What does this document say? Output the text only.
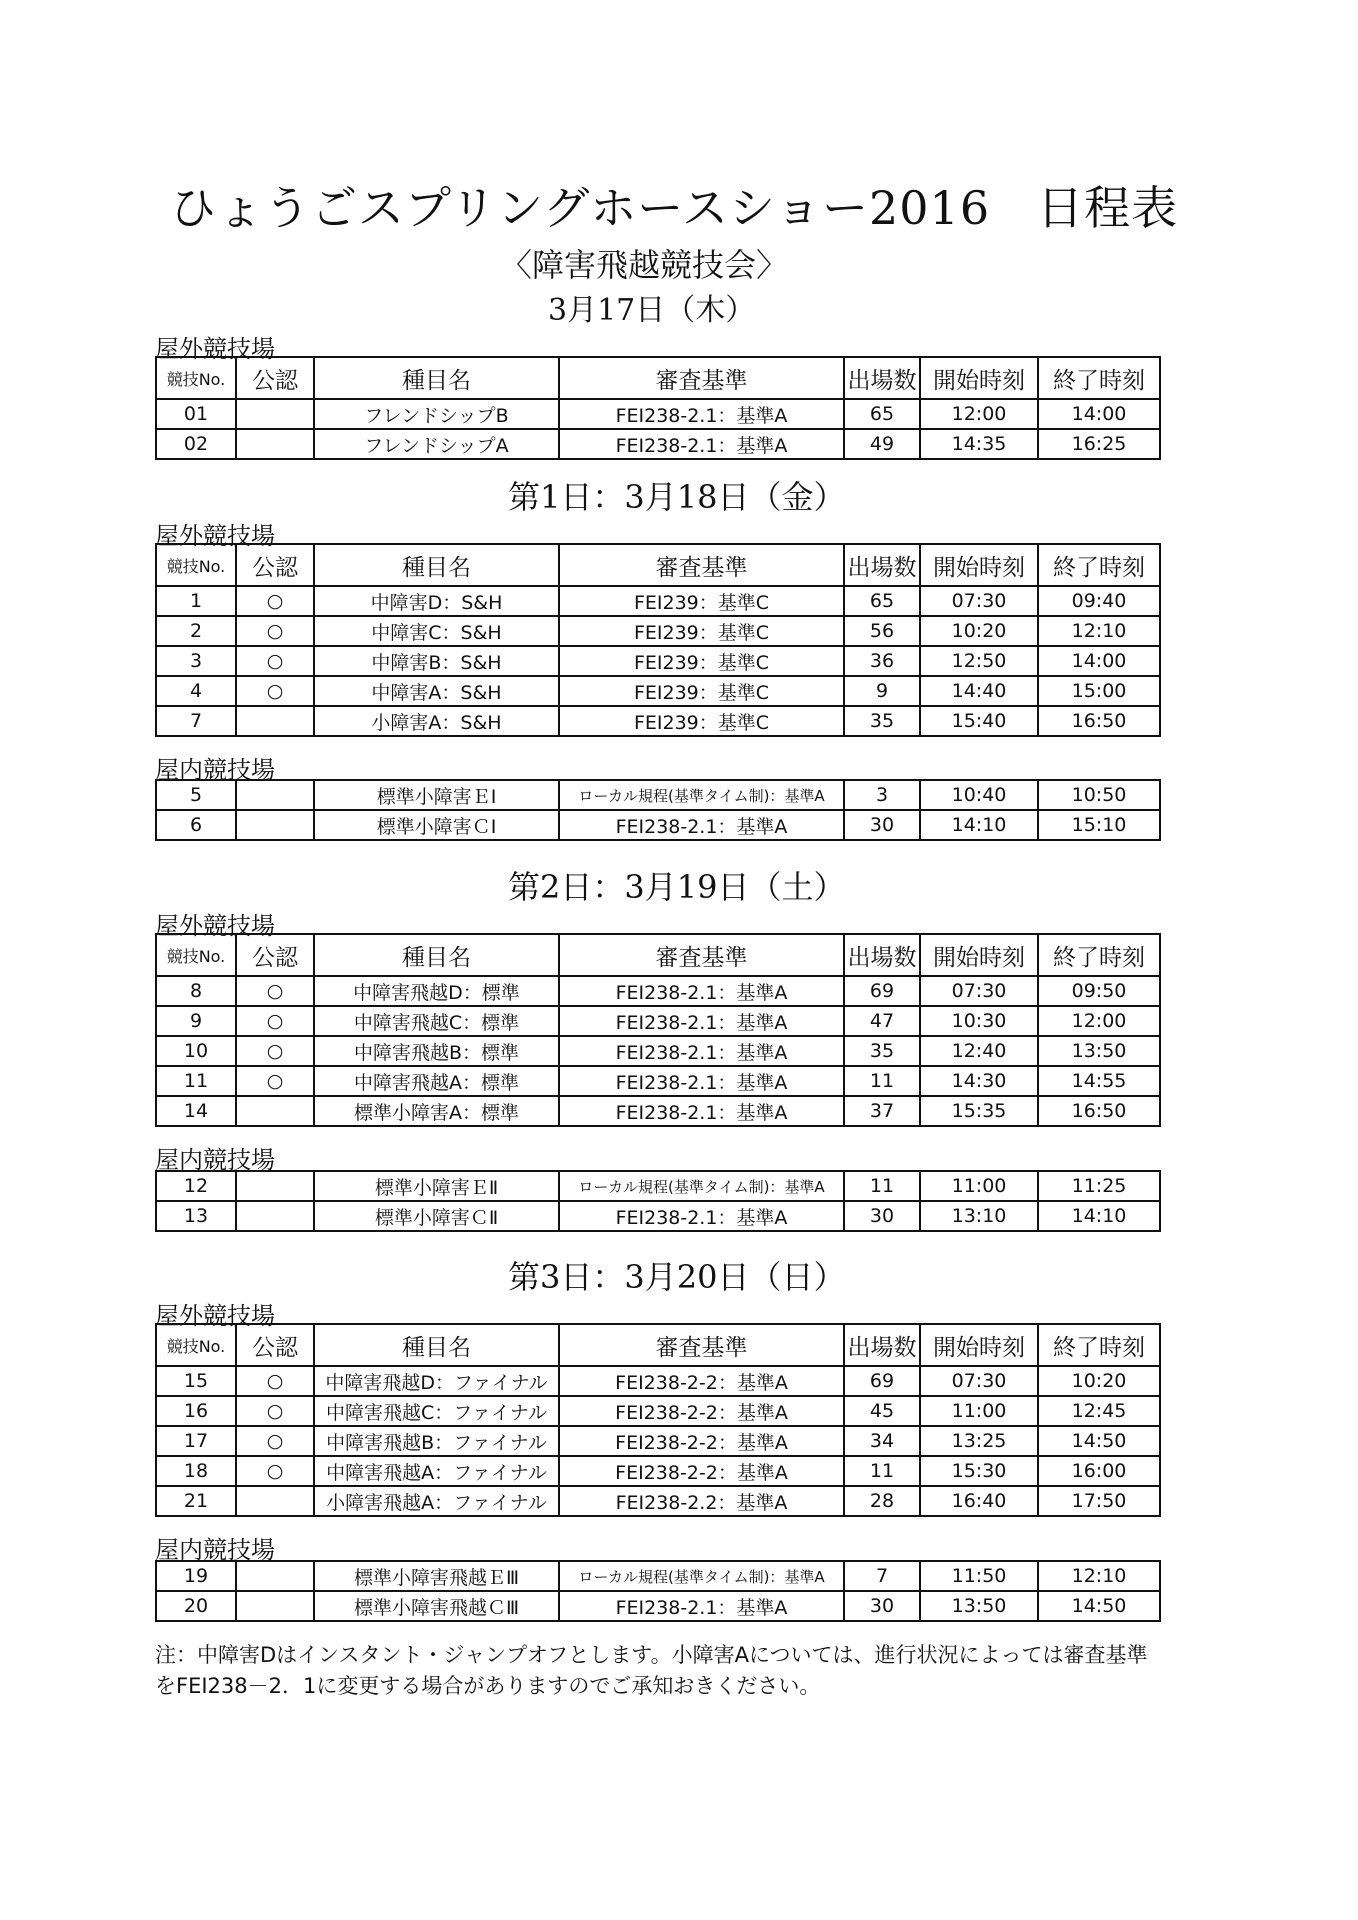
ひょうごスプリングホースショー2016　日程表
〈障害飛越競技会〉
3月17日（木）
屋外競技場
競技No.	公認	種目名	審査基準	出場数	開始時刻	終了時刻
01		フレンドシップB	FEI238-2.1：基準A	65	12:00	14:00
02		フレンドシップA	FEI238-2.1：基準A	49	14:35	16:25
第1日：3月18日（金）
屋外競技場
競技No.	公認	種目名	審査基準	出場数	開始時刻	終了時刻
1	○	中障害D：S&H	FEI239：基準C	65	07:30	09:40
2	○	中障害C：S&H	FEI239：基準C	56	10:20	12:10
3	○	中障害B：S&H	FEI239：基準C	36	12:50	14:00
4	○	中障害A：S&H	FEI239：基準C	9	14:40	15:00
7		小障害A：S&H	FEI239：基準C	35	15:40	16:50
屋内競技場
5		標準小障害ＥⅠ	ローカル規程(基準タイム制)：基準A	3	10:40	10:50
6		標準小障害ＣⅠ	FEI238-2.1：基準A	30	14:10	15:10
第2日：3月19日（土）
屋外競技場
競技No.	公認	種目名	審査基準	出場数	開始時刻	終了時刻
8	○	中障害飛越D：標準	FEI238-2.1：基準A	69	07:30	09:50
9	○	中障害飛越C：標準	FEI238-2.1：基準A	47	10:30	12:00
10	○	中障害飛越B：標準	FEI238-2.1：基準A	35	12:40	13:50
11	○	中障害飛越A：標準	FEI238-2.1：基準A	11	14:30	14:55
14		標準小障害A：標準	FEI238-2.1：基準A	37	15:35	16:50
屋内競技場
12		標準小障害ＥⅡ	ローカル規程(基準タイム制)：基準A	11	11:00	11:25
13		標準小障害ＣⅡ	FEI238-2.1：基準A	30	13:10	14:10
第3日：3月20日（日）
屋外競技場
競技No.	公認	種目名	審査基準	出場数	開始時刻	終了時刻
15	○	中障害飛越D：ファイナル	FEI238-2-2：基準A	69	07:30	10:20
16	○	中障害飛越C：ファイナル	FEI238-2-2：基準A	45	11:00	12:45
17	○	中障害飛越B：ファイナル	FEI238-2-2：基準A	34	13:25	14:50
18	○	中障害飛越A：ファイナル	FEI238-2-2：基準A	11	15:30	16:00
21		小障害飛越A：ファイナル	FEI238-2.2：基準A	28	16:40	17:50
屋内競技場
19		標準小障害飛越ＥⅢ	ローカル規程(基準タイム制)：基準A	7	11:50	12:10
20		標準小障害飛越ＣⅢ	FEI238-2.1：基準A	30	13:50	14:50
注：中障害Dはインスタント・ジャンプオフとします。小障害Aについては、進行状況によっては審査基準をFEI238－2．1に変更する場合がありますのでご承知おきください。
